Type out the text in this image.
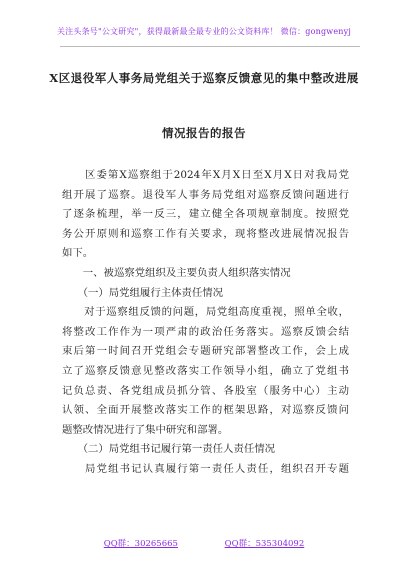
关注头条号"公文研究"，获得最新最全最专业的公文资料库！ 微信：gongwenyj
X区退役军人事务局党组关于巡察反馈意见的集中整改进展
情况报告的报告
　　区委第X巡察组于2024年X月X日至X月X日对我局党
组开展了巡察。退役军人事务局党组对巡察反馈问题进行
了逐条梳理，举一反三，建立健全各项规章制度。按照党
务公开原则和巡察工作有关要求，现将整改进展情况报告
如下。
　　一、被巡察党组织及主要负责人组织落实情况
　　（一）局党组履行主体责任情况
　　对于巡察组反馈的问题，局党组高度重视，照单全收，
将整改工作作为一项严肃的政治任务落实。巡察反馈会结
束后第一时间召开党组会专题研究部署整改工作，会上成
立了巡察反馈意见整改落实工作领导小组，确立了党组书
记负总责、各党组成员抓分管、各股室（服务中心）主动
认领、全面开展整改落实工作的框架思路，对巡察反馈问
题整改情况进行了集中研究和部署。
　　（二）局党组书记履行第一责任人责任情况
　　局党组书记认真履行第一责任人责任，组织召开专题
QQ群：30265665	QQ群：535304092
